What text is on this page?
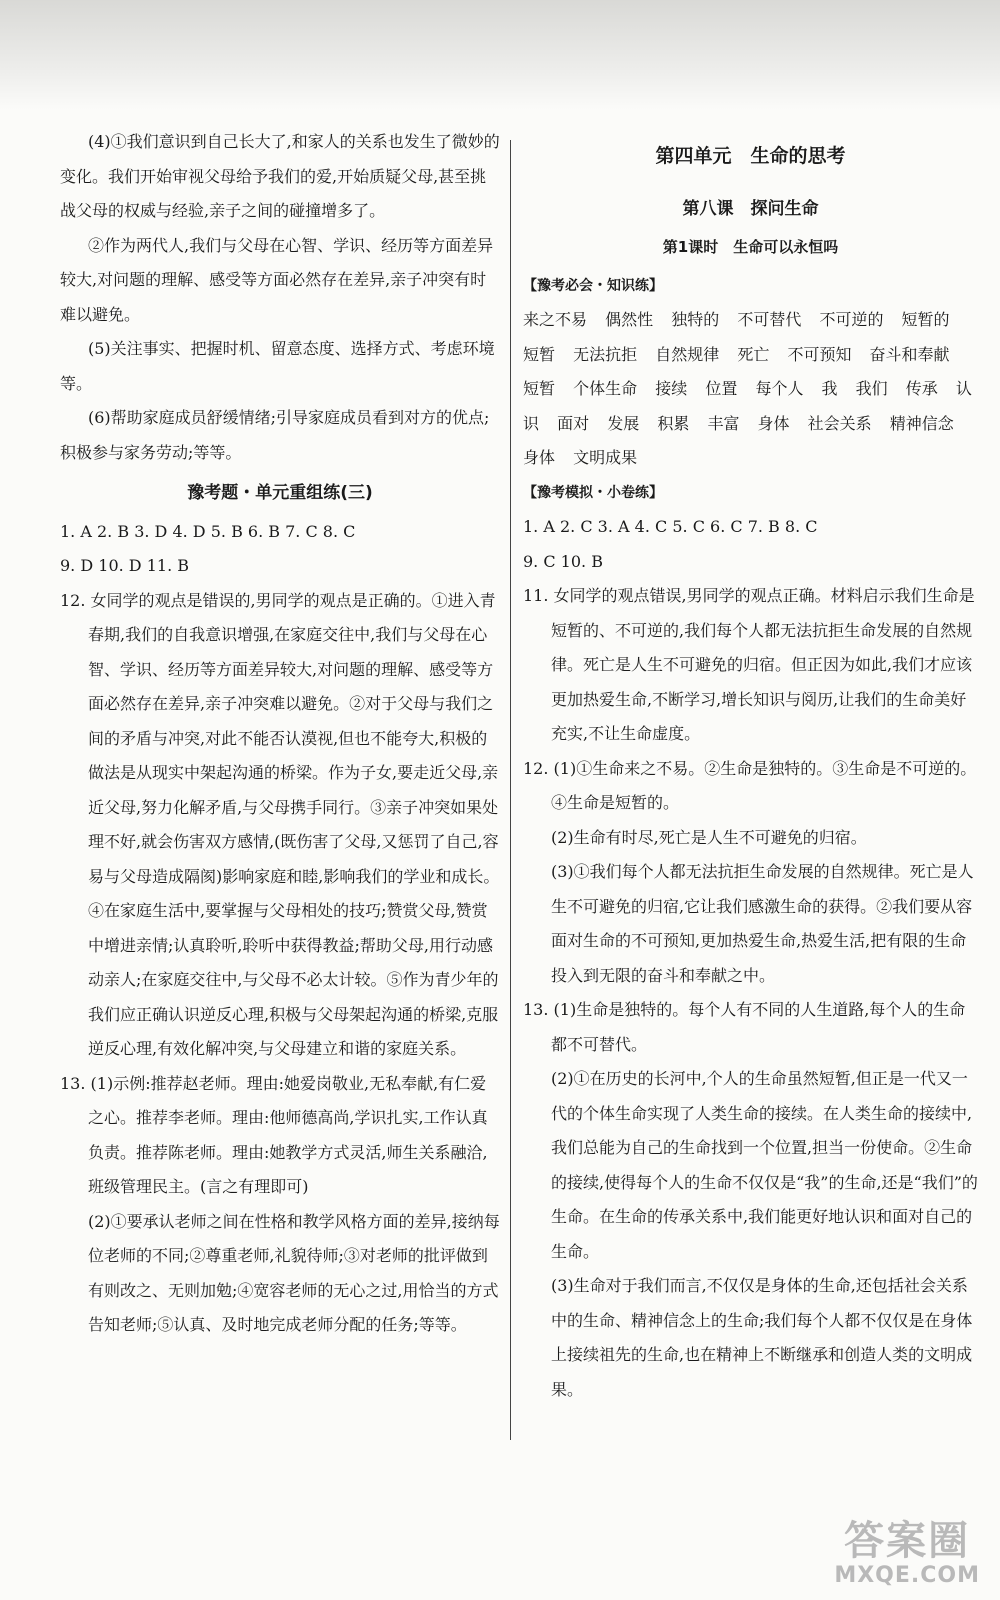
(4)①我们意识到自己长大了,和家人的关系也发生了微妙的变化。我们开始审视父母给予我们的爱,开始质疑父母,甚至挑战父母的权威与经验,亲子之间的碰撞增多了。

②作为两代人,我们与父母在心智、学识、经历等方面差异较大,对问题的理解、感受等方面必然存在差异,亲子冲突有时难以避免。

(5)关注事实、把握时机、留意态度、选择方式、考虑环境等。

(6)帮助家庭成员舒缓情绪;引导家庭成员看到对方的优点;积极参与家务劳动;等等。

豫考题・单元重组练(三)

1. A 2. B 3. D 4. D 5. B 6. B 7. C 8. C

9. D 10. D 11. B

12. 女同学的观点是错误的,男同学的观点是正确的。①进入青春期,我们的自我意识增强,在家庭交往中,我们与父母在心智、学识、经历等方面差异较大,对问题的理解、感受等方面必然存在差异,亲子冲突难以避免。②对于父母与我们之间的矛盾与冲突,对此不能否认漠视,但也不能夸大,积极的做法是从现实中架起沟通的桥梁。作为子女,要走近父母,亲近父母,努力化解矛盾,与父母携手同行。③亲子冲突如果处理不好,就会伤害双方感情,(既伤害了父母,又惩罚了自己,容易与父母造成隔阂)影响家庭和睦,影响我们的学业和成长。④在家庭生活中,要掌握与父母相处的技巧;赞赏父母,赞赏中增进亲情;认真聆听,聆听中获得教益;帮助父母,用行动感动亲人;在家庭交往中,与父母不必太计较。⑤作为青少年的我们应正确认识逆反心理,积极与父母架起沟通的桥梁,克服逆反心理,有效化解冲突,与父母建立和谐的家庭关系。

13. (1)示例:推荐赵老师。理由:她爱岗敬业,无私奉献,有仁爱之心。推荐李老师。理由:他师德高尚,学识扎实,工作认真负责。推荐陈老师。理由:她教学方式灵活,师生关系融洽,班级管理民主。(言之有理即可)

(2)①要承认老师之间在性格和教学风格方面的差异,接纳每位老师的不同;②尊重老师,礼貌待师;③对老师的批评做到有则改之、无则加勉;④宽容老师的无心之过,用恰当的方式告知老师;⑤认真、及时地完成老师分配的任务;等等。

第四单元　生命的思考
第八课　探问生命
第1课时　生命可以永恒吗
【豫考必会・知识练】

来之不易 偶然性 独特的 不可替代 不可逆的 短暂的 短暂 无法抗拒 自然规律 死亡 不可预知 奋斗和奉献 短暂 个体生命 接续 位置 每个人 我 我们 传承 认识 面对 发展 积累 丰富 身体 社会关系 精神信念 身体 文明成果

【豫考模拟・小卷练】

1. A 2. C 3. A 4. C 5. C 6. C 7. B 8. C

9. C 10. B

11. 女同学的观点错误,男同学的观点正确。材料启示我们生命是短暂的、不可逆的,我们每个人都无法抗拒生命发展的自然规律。死亡是人生不可避免的归宿。但正因为如此,我们才应该更加热爱生命,不断学习,增长知识与阅历,让我们的生命美好充实,不让生命虚度。

12. (1)①生命来之不易。②生命是独特的。③生命是不可逆的。④生命是短暂的。

(2)生命有时尽,死亡是人生不可避免的归宿。

(3)①我们每个人都无法抗拒生命发展的自然规律。死亡是人生不可避免的归宿,它让我们感激生命的获得。②我们要从容面对生命的不可预知,更加热爱生命,热爱生活,把有限的生命投入到无限的奋斗和奉献之中。

13. (1)生命是独特的。每个人有不同的人生道路,每个人的生命都不可替代。

(2)①在历史的长河中,个人的生命虽然短暂,但正是一代又一代的个体生命实现了人类生命的接续。在人类生命的接续中,我们总能为自己的生命找到一个位置,担当一份使命。②生命的接续,使得每个人的生命不仅仅是“我”的生命,还是“我们”的生命。在生命的传承关系中,我们能更好地认识和面对自己的生命。

(3)生命对于我们而言,不仅仅是身体的生命,还包括社会关系中的生命、精神信念上的生命;我们每个人都不仅仅是在身体上接续祖先的生命,也在精神上不断继承和创造人类的文明成果。

答案圈
MXQE.COM
